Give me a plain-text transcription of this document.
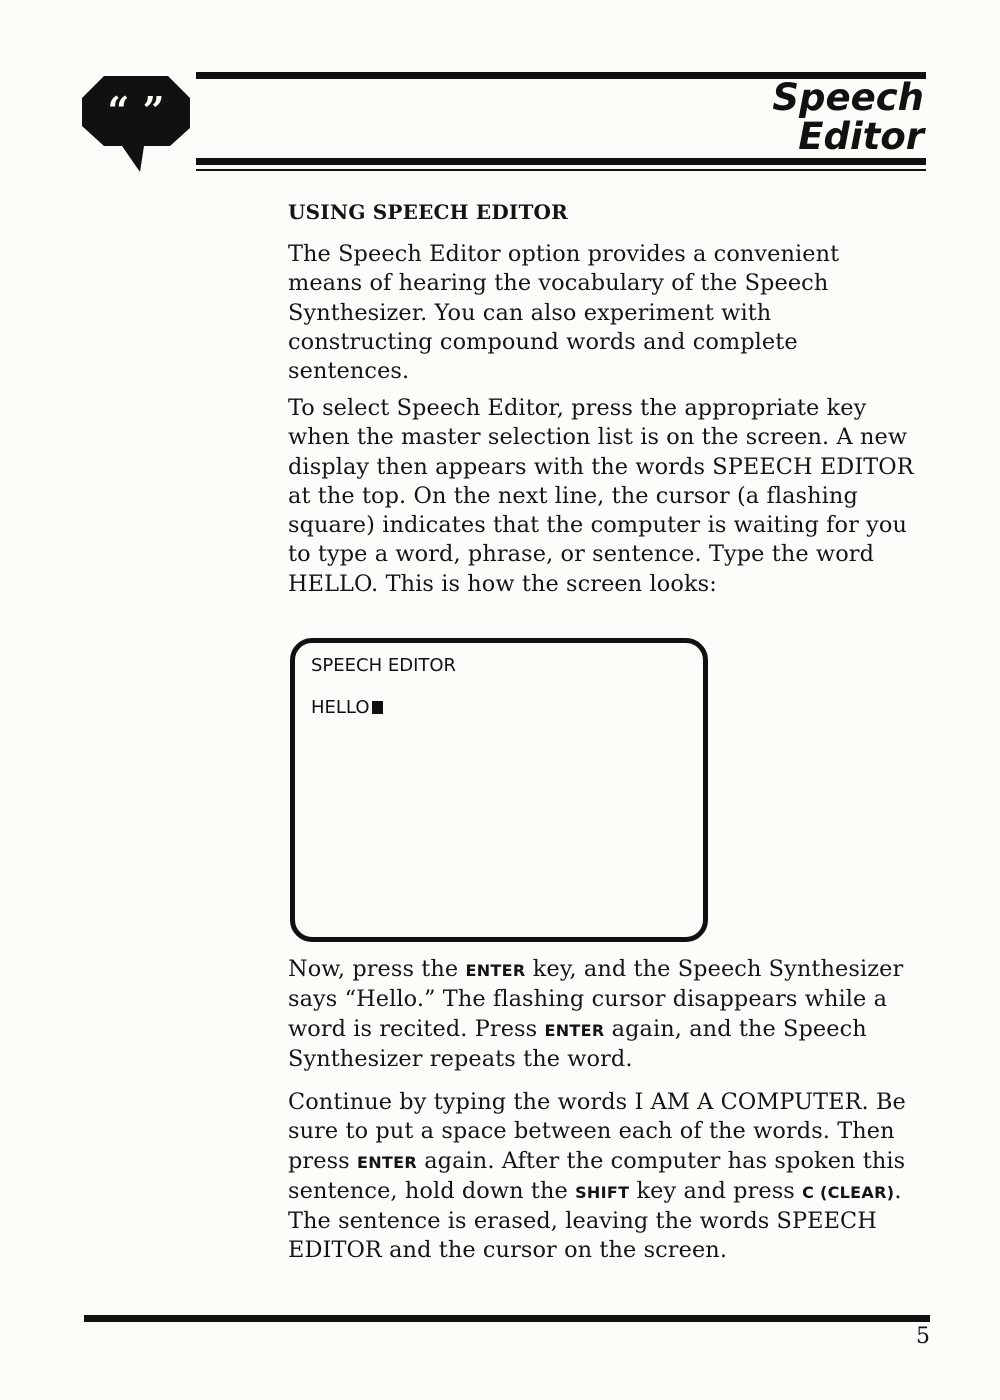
“ ”	Speech
Editor
USING SPEECH EDITOR

The Speech Editor option provides a convenient means of hearing the vocabulary of the Speech Synthesizer. You can also experiment with constructing compound words and complete sentences.

To select Speech Editor, press the appropriate key when the master selection list is on the screen. A new display then appears with the words SPEECH EDITOR at the top. On the next line, the cursor (a flashing square) indicates that the computer is waiting for you to type a word, phrase, or sentence. Type the word HELLO. This is how the screen looks:

SPEECH EDITOR
HELLO

Now, press the ENTER key, and the Speech Synthesizer says “Hello.” The flashing cursor disappears while a word is recited. Press ENTER again, and the Speech Synthesizer repeats the word.

Continue by typing the words I AM A COMPUTER. Be sure to put a space between each of the words. Then press ENTER again. After the computer has spoken this sentence, hold down the SHIFT key and press C (CLEAR). The sentence is erased, leaving the words SPEECH EDITOR and the cursor on the screen.

5
